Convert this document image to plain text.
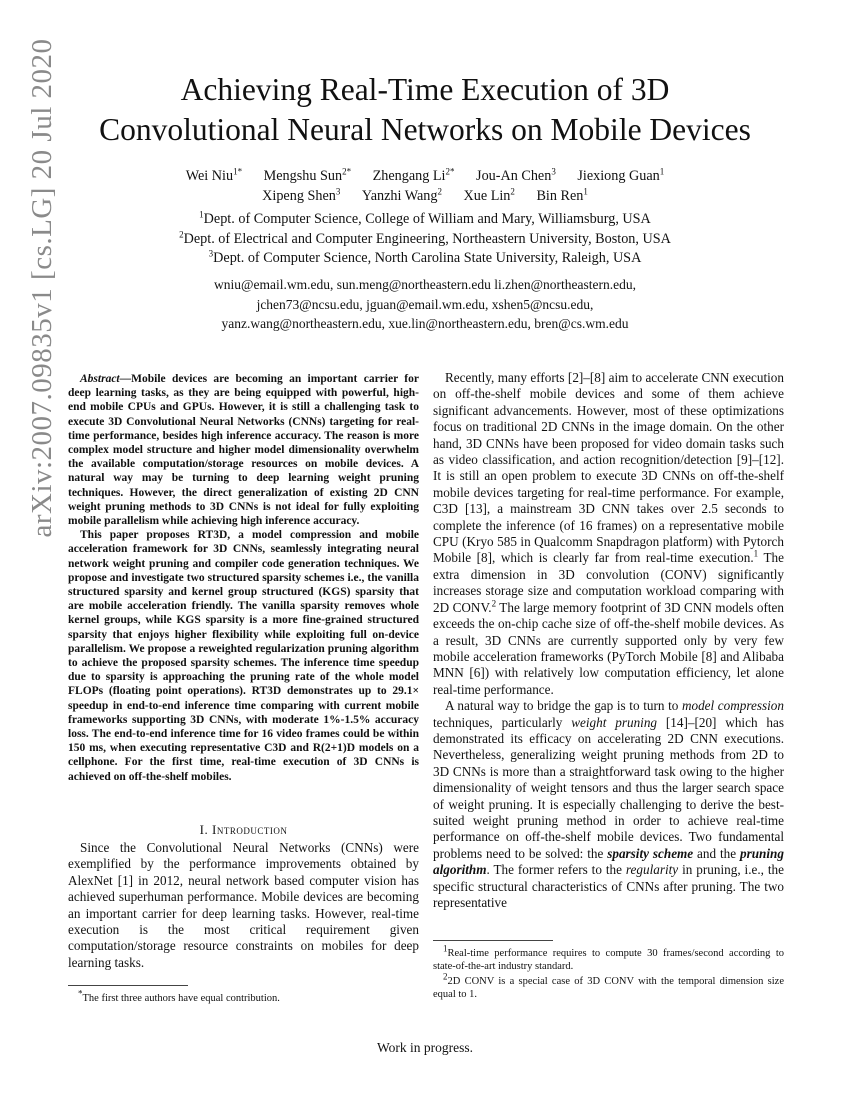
arXiv:2007.09835v1 [cs.LG] 20 Jul 2020	Achieving Real-Time Execution of 3D
Convolutional Neural Networks on Mobile Devices
Wei Niu$^{1*}$ Mengshu Sun$^{2*}$ Zhengang $Li^{2*}$ Jou-An Chen$^3$ Jiexiong Guan$^1$
Xipeng Shen$^3$ Yanzhi Wang$^2$ Xue Lin$^2$ Bin Ren$^1$
$^1$Dept. of Computer Science, College of William and Mary, Williamsburg, USA
$^2$Dept. of Electrical and Computer Engineering, Northeastern University, Boston, USA
$^3$Dept. of Computer Science, North Carolina State University, Raleigh, USA
wniu@email.wm.edu, sun.meng@northeastern.edu li.zhen@northeastern.edu,
jchen73@ncsu.edu, jguan@email.wm.edu, xshen5@ncsu.edu,
yanz.wang@northeastern.edu, xue.lin@northeastern.edu, bren@cs.wm.edu

Abstract—Mobile devices are becoming an important carrier for deep learning tasks, as they are being equipped with powerful, high-end mobile CPUs and GPUs. However, it is still a challenging task to execute 3D Convolutional Neural Networks (CNNs) targeting for real-time performance, besides high inference accuracy. The reason is more complex model structure and higher model dimensionality overwhelm the available computation/storage resources on mobile devices. A natural way may be turning to deep learning weight pruning techniques. However, the direct generalization of existing 2D CNN weight pruning methods to 3D CNNs is not ideal for fully exploiting mobile parallelism while achieving high inference accuracy.

This paper proposes RT3D, a model compression and mobile acceleration framework for 3D CNNs, seamlessly integrating neural network weight pruning and compiler code generation techniques. We propose and investigate two structured sparsity schemes i.e., the vanilla structured sparsity and kernel group structured (KGS) sparsity that are mobile acceleration friendly. The vanilla sparsity removes whole kernel groups, while KGS sparsity is a more fine-grained structured sparsity that enjoys higher flexibility while exploiting full on-device parallelism. We propose a reweighted regularization pruning algorithm to achieve the proposed sparsity schemes. The inference time speedup due to sparsity is approaching the pruning rate of the whole model FLOPs (floating point operations). RT3D demonstrates up to 29.1× speedup in end-to-end inference time comparing with current mobile frameworks supporting 3D CNNs, with moderate 1%-1.5% accuracy loss. The end-to-end inference time for 16 video frames could be within 150 ms, when executing representative C3D and R(2+1)D models on a cellphone. For the first time, real-time execution of 3D CNNs is achieved on off-the-shelf mobiles.

I. Introduction

Since the Convolutional Neural Networks (CNNs) were exemplified by the performance improvements obtained by AlexNet [1] in 2012, neural network based computer vision has achieved superhuman performance. Mobile devices are becoming an important carrier for deep learning tasks. However, real-time execution is the most critical requirement given computation/storage resource constraints on mobiles for deep learning tasks.

*The first three authors have equal contribution.

Recently, many efforts [2]–[8] aim to accelerate CNN execution on off-the-shelf mobile devices and some of them achieve significant advancements. However, most of these optimizations focus on traditional 2D CNNs in the image domain. On the other hand, 3D CNNs have been proposed for video domain tasks such as video classification, and action recognition/detection [9]–[12]. It is still an open problem to execute 3D CNNs on off-the-shelf mobile devices targeting for real-time performance. For example, C3D [13], a mainstream 3D CNN takes over 2.5 seconds to complete the inference (of 16 frames) on a representative mobile CPU (Kryo 585 in Qualcomm Snapdragon platform) with Pytorch Mobile [8], which is clearly far from real-time execution.$^1$ The extra dimension in 3D convolution (CONV) significantly increases storage size and computation workload comparing with 2D CONV.$^2$ The large memory footprint of 3D CNN models often exceeds the on-chip cache size of off-the-shelf mobile devices. As a result, 3D CNNs are currently supported only by very few mobile acceleration frameworks (PyTorch Mobile [8] and Alibaba MNN [6]) with relatively low computation efficiency, let alone real-time performance.

A natural way to bridge the gap is to turn to model compression techniques, particularly weight pruning [14]–[20] which has demonstrated its efficacy on accelerating 2D CNN executions. Nevertheless, generalizing weight pruning methods from 2D to 3D CNNs is more than a straightforward task owing to the higher dimensionality of weight tensors and thus the larger search space of weight pruning. It is especially challenging to derive the best-suited weight pruning method in order to achieve real-time performance on off-the-shelf mobile devices. Two fundamental problems need to be solved: the sparsity scheme and the pruning algorithm. The former refers to the regularity in pruning, i.e., the specific structural characteristics of CNNs after pruning. The two representative

$^1$Real-time performance requires to compute 30 frames/second according to state-of-the-art industry standard.

$^2$2D CONV is a special case of 3D CONV with the temporal dimension size equal to 1.

Work in progress.
